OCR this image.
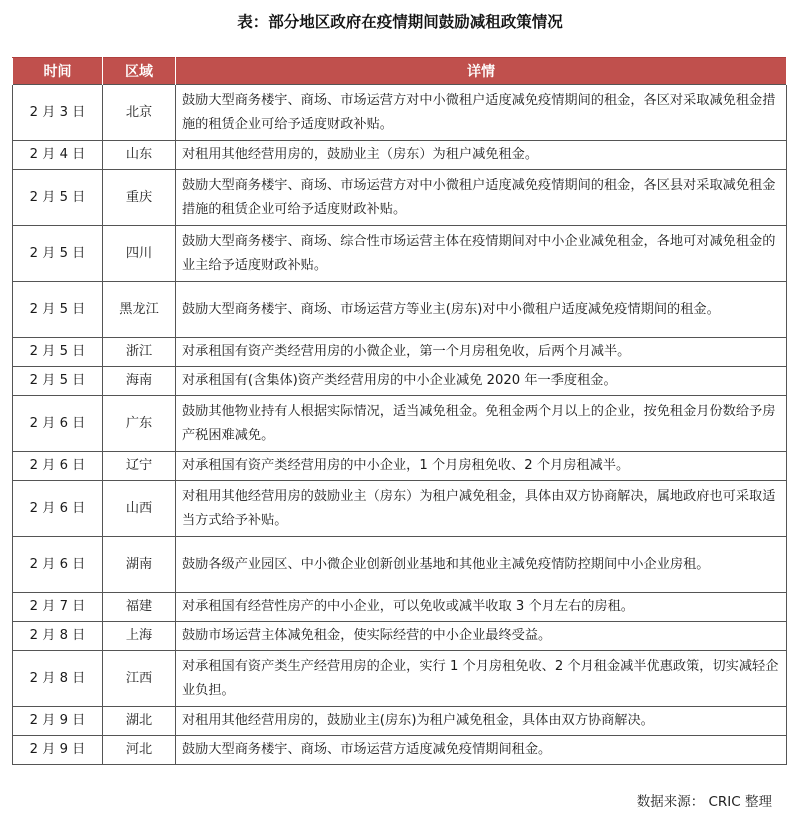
表：部分地区政府在疫情期间鼓励减租政策情况
时间	区域	详情
2 月 3 日	北京	鼓励大型商务楼宇、商场、市场运营方对中小微租户适度减免疫情期间的租金，各区对采取减免租金措施的租赁企业可给予适度财政补贴。
2 月 4 日	山东	对租用其他经营用房的，鼓励业主（房东）为租户减免租金。
2 月 5 日	重庆	鼓励大型商务楼宇、商场、市场运营方对中小微租户适度减免疫情期间的租金，各区县对采取减免租金措施的租赁企业可给予适度财政补贴。
2 月 5 日	四川	鼓励大型商务楼宇、商场、综合性市场运营主体在疫情期间对中小企业减免租金，各地可对减免租金的业主给予适度财政补贴。
2 月 5 日	黑龙江	鼓励大型商务楼宇、商场、市场运营方等业主(房东)对中小微租户适度减免疫情期间的租金。
2 月 5 日	浙江	对承租国有资产类经营用房的小微企业，第一个月房租免收，后两个月减半。
2 月 5 日	海南	对承租国有(含集体)资产类经营用房的中小企业减免 2020 年一季度租金。
2 月 6 日	广东	鼓励其他物业持有人根据实际情况，适当减免租金。免租金两个月以上的企业，按免租金月份数给予房产税困难减免。
2 月 6 日	辽宁	对承租国有资产类经营用房的中小企业，1 个月房租免收、2 个月房租减半。
2 月 6 日	山西	对租用其他经营用房的鼓励业主（房东）为租户减免租金，具体由双方协商解决，属地政府也可采取适当方式给予补贴。
2 月 6 日	湖南	鼓励各级产业园区、中小微企业创新创业基地和其他业主减免疫情防控期间中小企业房租。
2 月 7 日	福建	对承租国有经营性房产的中小企业，可以免收或减半收取 3 个月左右的房租。
2 月 8 日	上海	鼓励市场运营主体减免租金，使实际经营的中小企业最终受益。
2 月 8 日	江西	对承租国有资产类生产经营用房的企业，实行 1 个月房租免收、2 个月租金减半优惠政策，切实减轻企业负担。
2 月 9 日	湖北	对租用其他经营用房的，鼓励业主(房东)为租户减免租金，具体由双方协商解决。
2 月 9 日	河北	鼓励大型商务楼宇、商场、市场运营方适度减免疫情期间租金。
数据来源： CRIC 整理
